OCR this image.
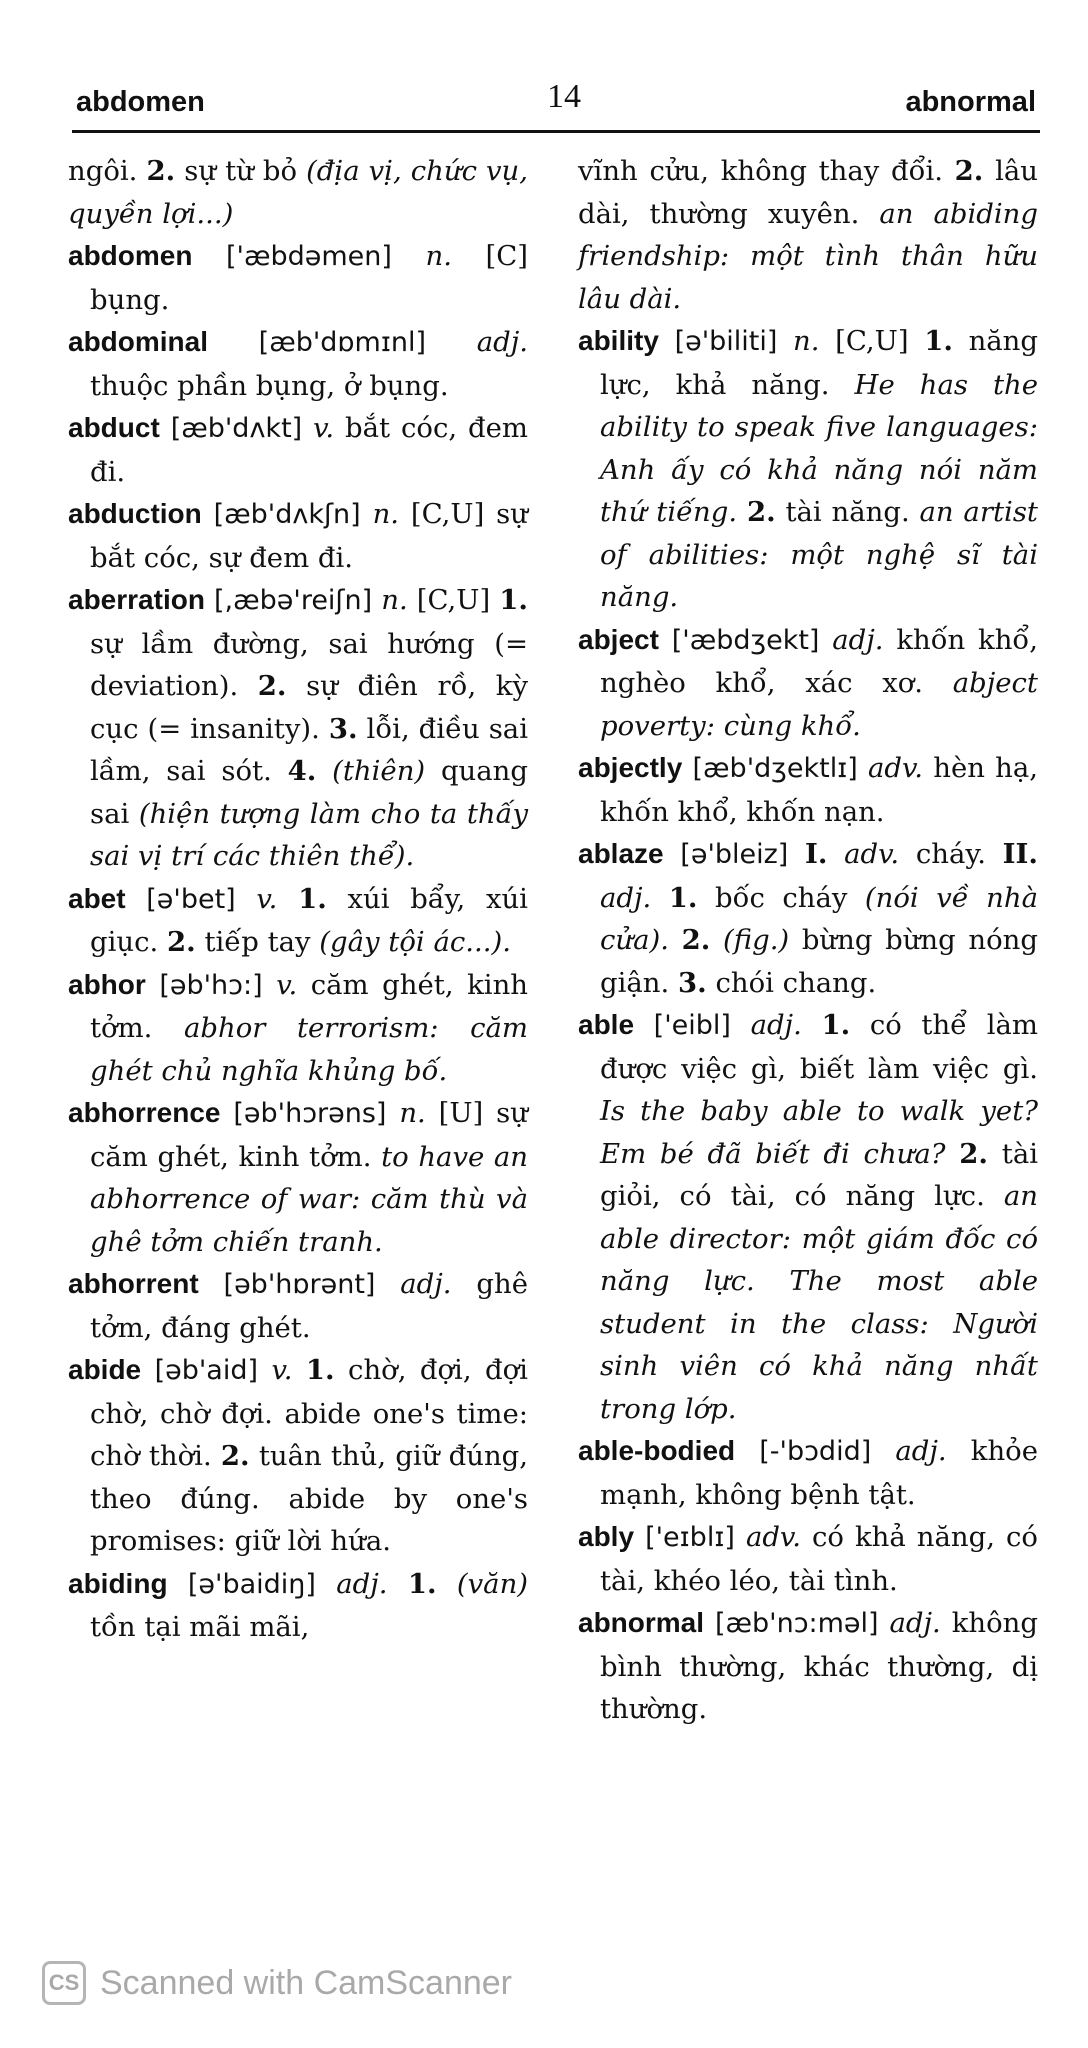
abdomen	14	abnormal

ngôi. 2. sự từ bỏ (địa vị, chức vụ, quyền lợi...)

abdomen ['æbdəmen] n. [C] bụng.

abdominal [æb'dɒmɪnl] adj. thuộc phần bụng, ở bụng.

abduct [æb'dʌkt] v. bắt cóc, đem đi.

abduction [æb'dʌkʃn] n. [C,U] sự bắt cóc, sự đem đi.

aberration [,æbə'reiʃn] n. [C,U] 1. sự lầm đường, sai hướng (= deviation). 2. sự điên rồ, kỳ cục (= insanity). 3. lỗi, điều sai lầm, sai sót. 4. (thiên) quang sai (hiện tượng làm cho ta thấy sai vị trí các thiên thể).

abet [ə'bet] v. 1. xúi bẩy, xúi giục. 2. tiếp tay (gây tội ác...).

abhor [əb'hɔ:] v. căm ghét, kinh tởm. abhor terrorism: căm ghét chủ nghĩa khủng bố.

abhorrence [əb'hɔrəns] n. [U] sự căm ghét, kinh tởm. to have an abhorrence of war: căm thù và ghê tởm chiến tranh.

abhorrent [əb'hɒrənt] adj. ghê tởm, đáng ghét.

abide [əb'aid] v. 1. chờ, đợi, đợi chờ, chờ đợi. abide one's time: chờ thời. 2. tuân thủ, giữ đúng, theo đúng. abide by one's promises: giữ lời hứa.

abiding [ə'baidiŋ] adj. 1. (văn) tồn tại mãi mãi,

vĩnh cửu, không thay đổi. 2. lâu dài, thường xuyên. an abiding friendship: một tình thân hữu lâu dài.

ability [ə'biliti] n. [C,U] 1. năng lực, khả năng. He has the ability to speak five languages: Anh ấy có khả năng nói năm thứ tiếng. 2. tài năng. an artist of abilities: một nghệ sĩ tài năng.

abject ['æbdʒekt] adj. khốn khổ, nghèo khổ, xác xơ. abject poverty: cùng khổ.

abjectly [æb'dʒektlɪ] adv. hèn hạ, khốn khổ, khốn nạn.

ablaze [ə'bleiz] I. adv. cháy. II. adj. 1. bốc cháy (nói về nhà cửa). 2. (fig.) bừng bừng nóng giận. 3. chói chang.

able ['eibl] adj. 1. có thể làm được việc gì, biết làm việc gì. Is the baby able to walk yet? Em bé đã biết đi chưa? 2. tài giỏi, có tài, có năng lực. an able director: một giám đốc có năng lực. The most able student in the class: Người sinh viên có khả năng nhất trong lớp.

able-bodied [-'bɔdid] adj. khỏe mạnh, không bệnh tật.

ably ['eɪblɪ] adv. có khả năng, có tài, khéo léo, tài tình.

abnormal [æb'nɔ:məl] adj. không bình thường, khác thường, dị thường.

CS Scanned with CamScanner
